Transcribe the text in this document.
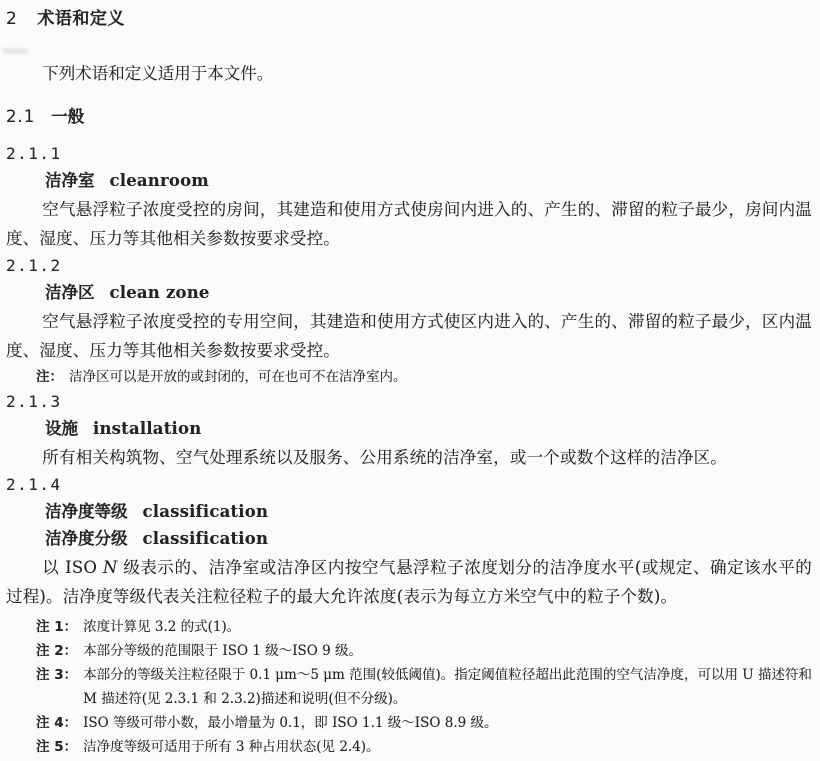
2 术语和定义

下列术语和定义适用于本文件。

2.1 一般
2.1.1
洁净室 cleanroom

空气悬浮粒子浓度受控的房间，其建造和使用方式使房间内进入的、产生的、滞留的粒子最少，房间内温度、湿度、压力等其他相关参数按要求受控。

2.1.2
洁净区 clean zone

空气悬浮粒子浓度受控的专用空间，其建造和使用方式使区内进入的、产生的、滞留的粒子最少，区内温度、湿度、压力等其他相关参数按要求受控。

注： 洁净区可以是开放的或封闭的，可在也可不在洁净室内。
2.1.3
设施 installation

所有相关构筑物、空气处理系统以及服务、公用系统的洁净室，或一个或数个这样的洁净区。

2.1.4
洁净度等级 classification
洁净度分级 classification

以 ISO N 级表示的、洁净室或洁净区内按空气悬浮粒子浓度划分的洁净度水平(或规定、确定该水平的过程)。洁净度等级代表关注粒径粒子的最大允许浓度(表示为每立方米空气中的粒子个数)。

注 1： 浓度计算见 3.2 的式(1)。
注 2： 本部分等级的范围限于 ISO 1 级～ISO 9 级。
注 3： 本部分的等级关注粒径限于 0.1 μm～5 μm 范围(较低阈值)。指定阈值粒径超出此范围的空气洁净度，可以用 U 描述符和 M 描述符(见 2.3.1 和 2.3.2)描述和说明(但不分级)。
注 4： ISO 等级可带小数，最小增量为 0.1，即 ISO 1.1 级～ISO 8.9 级。
注 5： 洁净度等级可适用于所有 3 种占用状态(见 2.4)。
